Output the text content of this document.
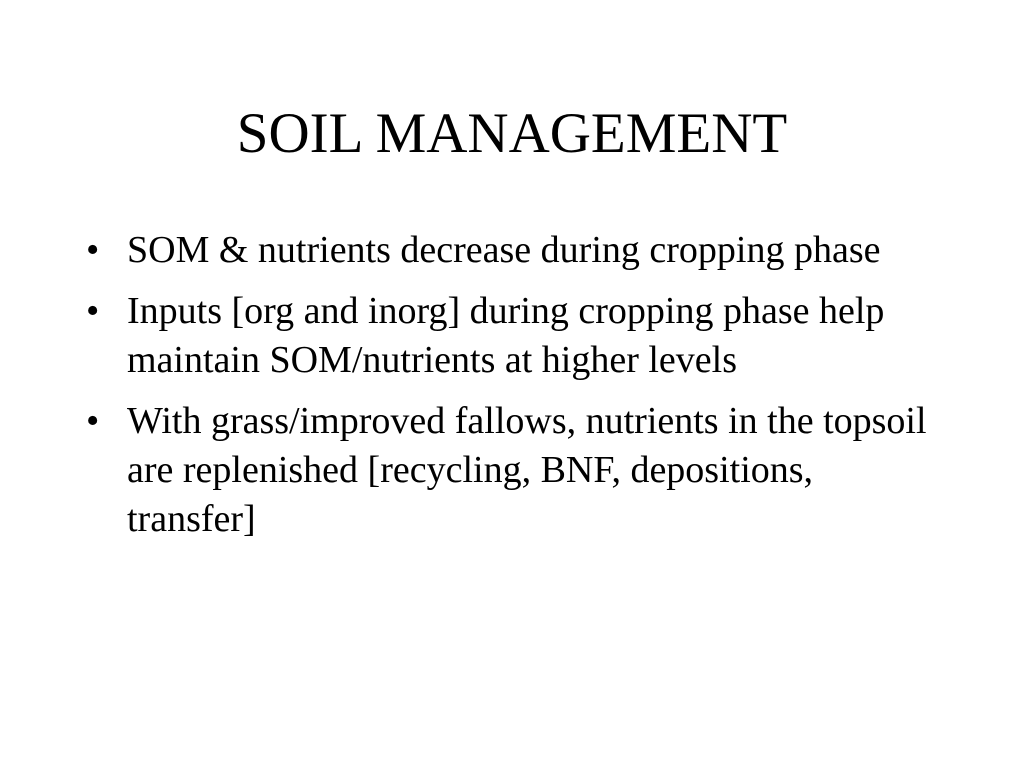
SOIL MANAGEMENT
• SOM & nutrients decrease during cropping phase
• Inputs [org and inorg] during cropping phase help maintain SOM/nutrients at higher levels
• With grass/improved fallows, nutrients in the topsoil are replenished [recycling, BNF, depositions, transfer]
